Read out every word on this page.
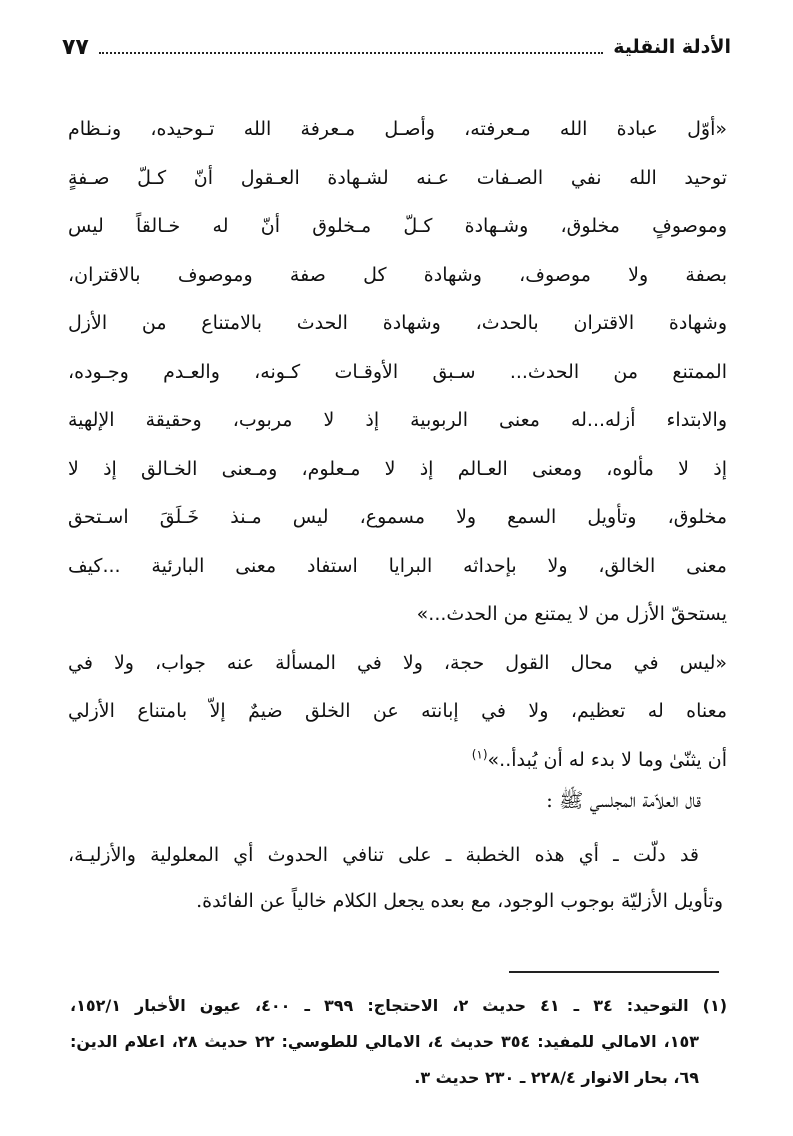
الأدلة النقلية
٧٧
«أوّل عبادة الله مـعرفته، وأصـل مـعرفة الله تـوحيده، ونـظام
توحيد الله نفي الصـفات عـنه لشـهادة العـقول أنّ كـلّ صـفةٍ
وموصوفٍ مخلوق، وشـهادة كـلّ مـخلوق أنّ له خـالقاً ليس
بصفة ولا موصوف، وشهادة كل صفة وموصوف بالاقتران،
وشهادة الاقتران بالحدث، وشهادة الحدث بالامتناع من الأزل
الممتنع من الحدث... سـبق الأوقـات كـونه، والعـدم وجـوده،
والابتداء أزله...له معنى الربوبية إذ لا مربوب، وحقيقة الإلهية
إذ لا مألوه، ومعنى العـالم إذ لا مـعلوم، ومـعنى الخـالق إذ لا
مخلوق، وتأويل السمع ولا مسموع، ليس مـنذ خَـلَقَ اسـتحق
معنى الخالق، ولا بإحداثه البرايا استفاد معنى البارئية ...كيف
يستحقّ الأزل من لا يمتنع من الحدث...»
«ليس في محال القول حجة، ولا في المسألة عنه جواب، ولا في
معناه له تعظيم، ولا في إبانته عن الخلق ضيمٌ إلاّ بامتناع الأزلي
أن يثنّىٰ وما لا بدء له أن يُبدأ..»$^{(١)}$
قال العلاّمة المجلسي ﷺ :
قد دلّت ـ أي هذه الخطبة ـ على تنافي الحدوث أي المعلولية والأزليـة،
وتأويل الأزليّة بوجوب الوجود، مع بعده يجعل الكلام خالياً عن الفائدة.
(١) التوحيد: ٣٤ ـ ٤١ حديث ٢، الاحتجاج: ٣٩٩ ـ ٤٠٠، عيون الأخبار ١٥٢/١،
١٥٣، الامالي للمفيد: ٣٥٤ حديث ٤، الامالي للطوسي: ٢٢ حديث ٢٨، اعلام الدين:
٦٩، بحار الانوار ٢٢٨/٤ ـ ٢٣٠ حديث ٣.
